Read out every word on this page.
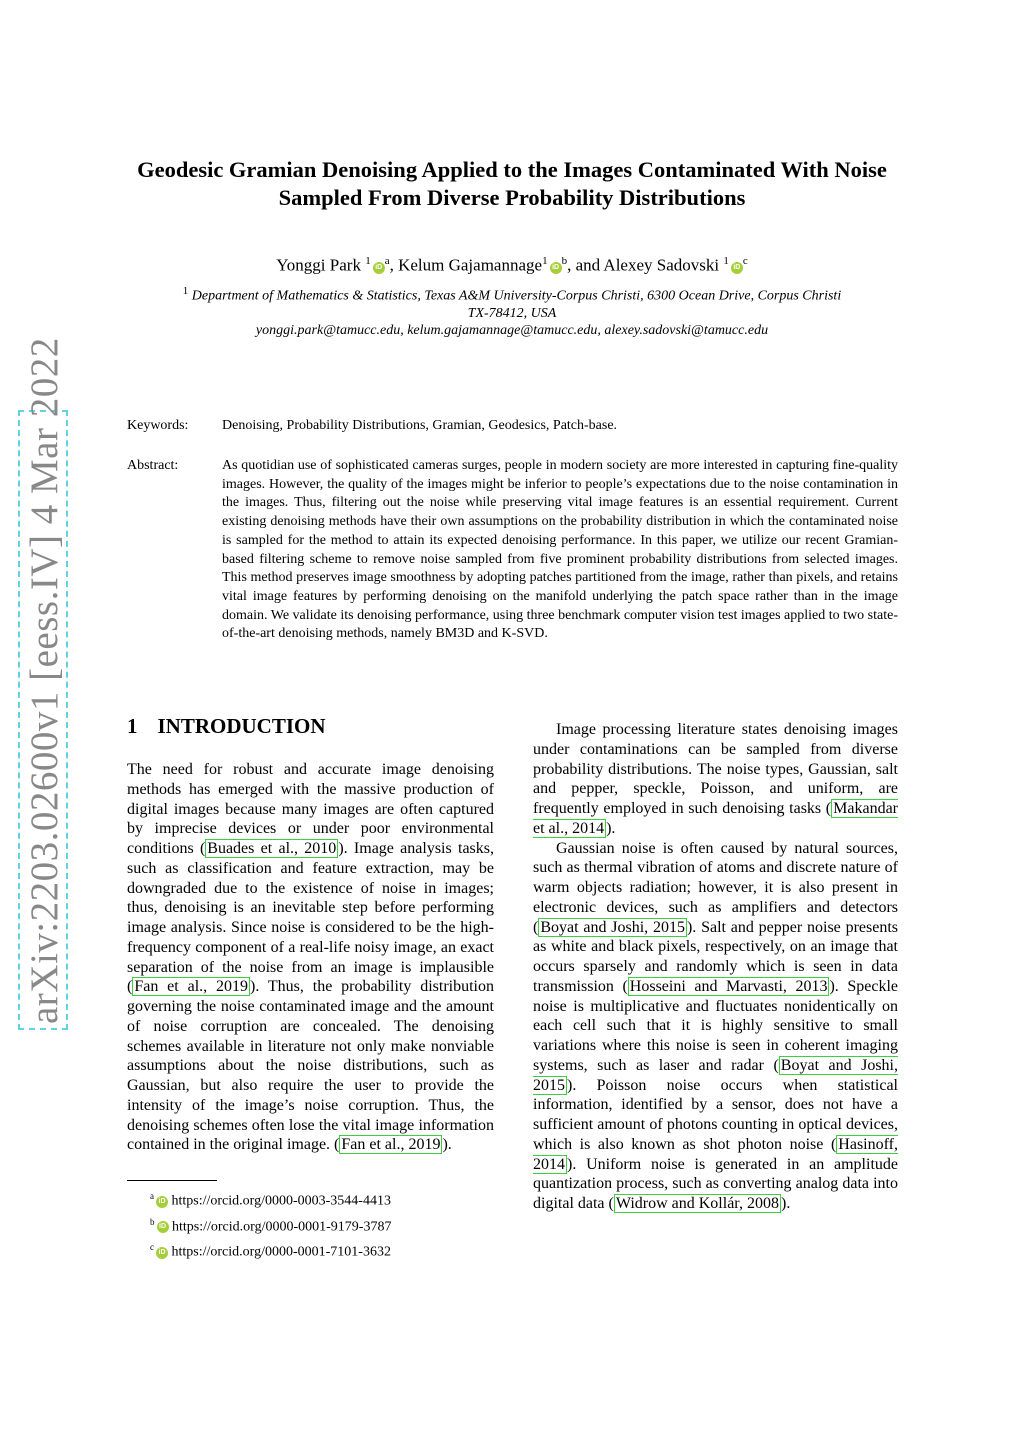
arXiv:2203.02600v1 [eess.IV] 4 Mar 2022
Geodesic Gramian Denoising Applied to the Images Contaminated With Noise Sampled From Diverse Probability Distributions
Yonggi Park $^1iD^a$, Kelum $Gajamannage^1iD^b$, and Alexey Sadovski $^1iD^c$
$^1$ Department of Mathematics & Statistics, Texas A&M University-Corpus Christi, 6300 Ocean Drive, Corpus Christi
TX-78412, USA
yonggi.park@tamucc.edu, kelum.gajamannage@tamucc.edu, alexey.sadovski@tamucc.edu
Keywords: Denoising, Probability Distributions, Gramian, Geodesics, Patch-base.
Abstract:	As quotidian use of sophisticated cameras surges, people in modern society are more interested in capturing fine-quality images. However, the quality of the images might be inferior to people’s expectations due to the noise contamination in the images. Thus, filtering out the noise while preserving vital image features is an essential requirement. Current existing denoising methods have their own assumptions on the probability distribution in which the contaminated noise is sampled for the method to attain its expected denoising performance. In this paper, we utilize our recent Gramian-based filtering scheme to remove noise sampled from five prominent probability distributions from selected images. This method preserves image smoothness by adopting patches partitioned from the image, rather than pixels, and retains vital image features by performing denoising on the manifold underlying the patch space rather than in the image domain. We validate its denoising performance, using three benchmark computer vision test images applied to two state-of-the-art denoising methods, namely BM3D and K-SVD.
1 INTRODUCTION

The need for robust and accurate image denoising methods has emerged with the massive production of digital images because many images are often captured by imprecise devices or under poor environmental conditions ( Buades et al., 2010 ). Image analysis tasks, such as classification and feature extraction, may be downgraded due to the existence of noise in images; thus, denoising is an inevitable step before performing image analysis. Since noise is considered to be the high-frequency component of a real-life noisy image, an exact separation of the noise from an image is implausible ( Fan et al., 2019 ). Thus, the probability distribution governing the noise contaminated image and the amount of noise corruption are concealed. The denoising schemes available in literature not only make nonviable assumptions about the noise distributions, such as Gaussian, but also require the user to provide the intensity of the image’s noise corruption. Thus, the denoising schemes often lose the vital image information contained in the original image. ( Fan et al., 2019 ).

Image processing literature states denoising images under contaminations can be sampled from diverse probability distributions. The noise types, Gaussian, salt and pepper, speckle, Poisson, and uniform, are frequently employed in such denoising tasks ( Makandar et al., 2014 ).

Gaussian noise is often caused by natural sources, such as thermal vibration of atoms and discrete nature of warm objects radiation; however, it is also present in electronic devices, such as amplifiers and detectors ( Boyat and Joshi, 2015 ). Salt and pepper noise presents as white and black pixels, respectively, on an image that occurs sparsely and randomly which is seen in data transmission ( Hosseini and Marvasti, 2013 ). Speckle noise is multiplicative and fluctuates nonidentically on each cell such that it is highly sensitive to small variations where this noise is seen in coherent imaging systems, such as laser and radar ( Boyat and Joshi, 2015 ). Poisson noise occurs when statistical information, identified by a sensor, does not have a sufficient amount of photons counting in optical devices, which is also known as shot photon noise ( Hasinoff, 2014 ). Uniform noise is generated in an amplitude quantization process, such as converting analog data into digital data ( Widrow and Kollár, 2008 ).

$^a$iD https://orcid.org/0000-0003-3544-4413
$^b$iD https://orcid.org/0000-0001-9179-3787
$^c$iD https://orcid.org/0000-0001-7101-3632
